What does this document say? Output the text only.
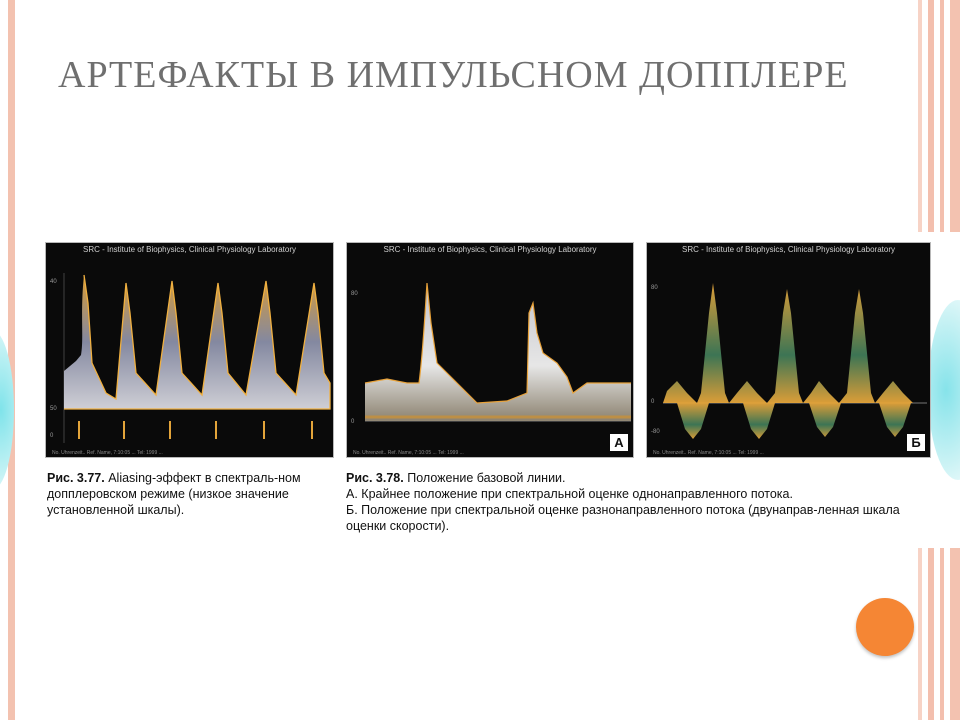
АРТЕФАКТЫ В ИМПУЛЬСНОМ ДОППЛЕРЕ
SRC - Institute of Biophysics, Clinical Physiology Laboratory
40
50
0
No. Uhrenzeit.. Ref. Name, 7:10:05 ... Tel: 1999 ...
SRC - Institute of Biophysics, Clinical Physiology Laboratory
80
0
А
No. Uhrenzeit.. Ref. Name, 7:10:05 ... Tel: 1999 ...
SRC - Institute of Biophysics, Clinical Physiology Laboratory
80
0
-80
Б
No. Uhrenzeit.. Ref. Name, 7:10:05 ... Tel: 1999 ...

Рис. 3.77. Aliasing-эффект в спектраль-ном допплеровском режиме (низкое значение установленной шкалы).

Рис. 3.78. Положение базовой линии.

А. Крайнее положение при спектральной оценке однонаправленного потока.

Б. Положение при спектральной оценке разнонаправленного потока (двунаправ-ленная шкала оценки скорости).
